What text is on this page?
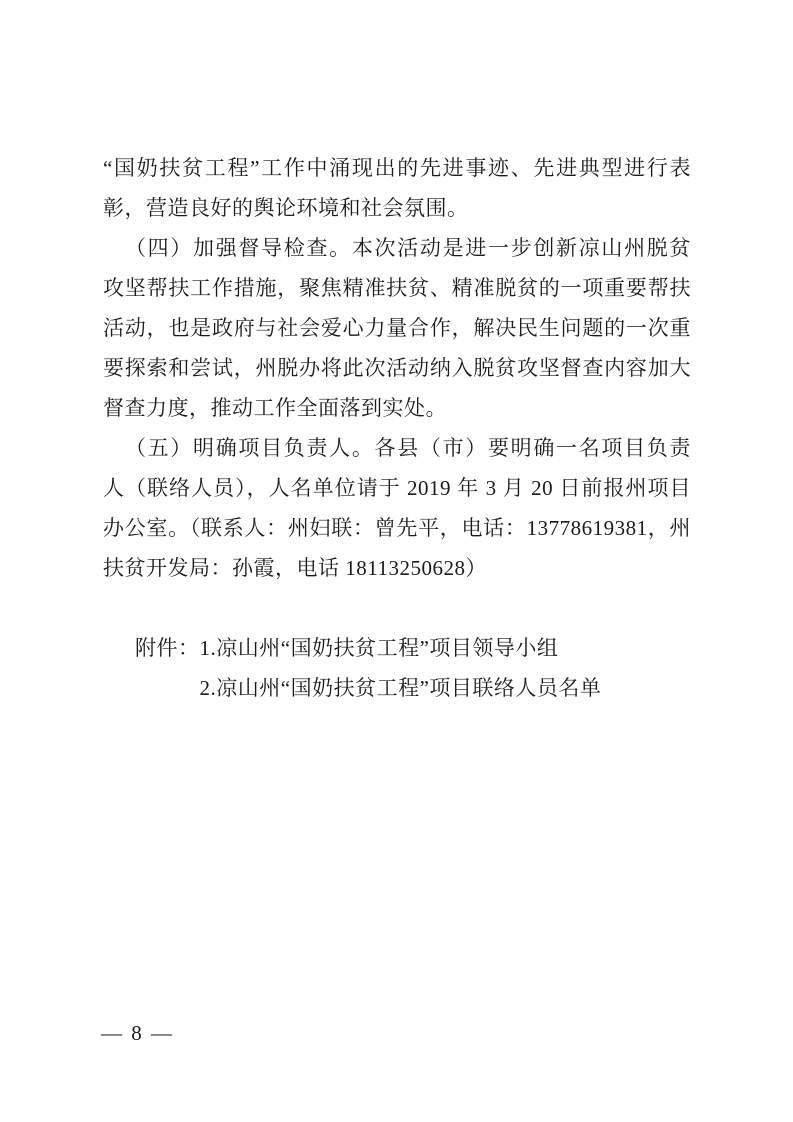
“国奶扶贫工程”工作中涌现出的先进事迹、先进典型进行表
彰，营造良好的舆论环境和社会氛围。
（四）加强督导检查。本次活动是进一步创新凉山州脱贫
攻坚帮扶工作措施，聚焦精准扶贫、精准脱贫的一项重要帮扶
活动，也是政府与社会爱心力量合作，解决民生问题的一次重
要探索和尝试，州脱办将此次活动纳入脱贫攻坚督查内容加大
督查力度，推动工作全面落到实处。
（五）明确项目负责人。各县（市）要明确一名项目负责
人（联络人员），人名单位请于 2019 年 3 月 20 日前报州项目
办公室。（联系人：州妇联：曾先平，电话：13778619381，州
扶贫开发局：孙霞，电话 18113250628）
附件： 1.凉山州“国奶扶贫工程”项目领导小组
2.凉山州“国奶扶贫工程”项目联络人员名单
— 8 —
